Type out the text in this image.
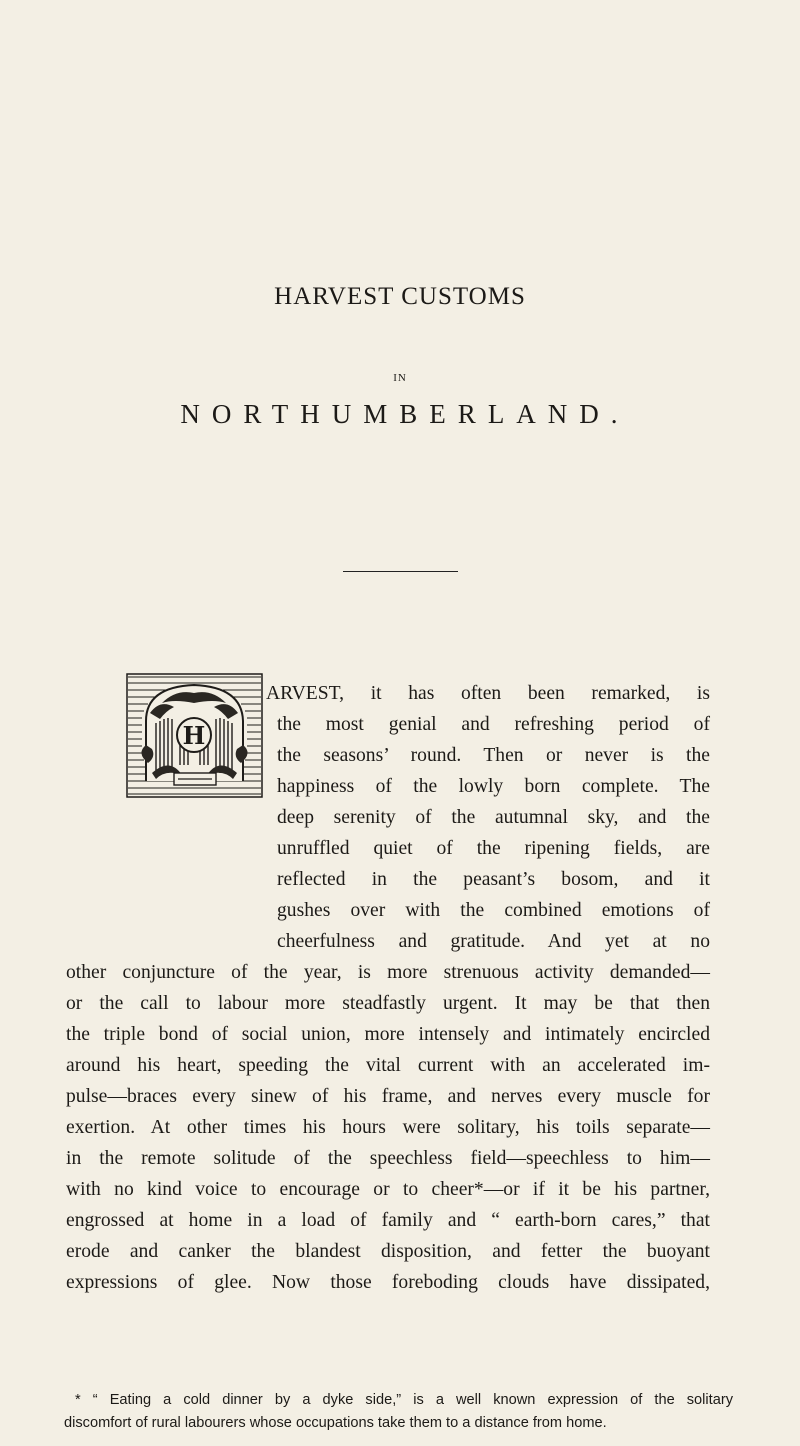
HARVEST CUSTOMS
IN
NORTHUMBERLAND.
H
ARVEST, it has often been remarked, is
the most genial and refreshing period of
the seasons’ round. Then or never is the
happiness of the lowly born complete. The
deep serenity of the autumnal sky, and the
unruffled quiet of the ripening fields, are
reflected in the peasant’s bosom, and it
gushes over with the combined emotions of
cheerfulness and gratitude. And yet at no
other conjuncture of the year, is more strenuous activity demanded—
or the call to labour more steadfastly urgent. It may be that then
the triple bond of social union, more intensely and intimately encircled
around his heart, speeding the vital current with an accelerated im-
pulse—braces every sinew of his frame, and nerves every muscle for
exertion. At other times his hours were solitary, his toils separate—
in the remote solitude of the speechless field—speechless to him—
with no kind voice to encourage or to cheer*—or if it be his partner,
engrossed at home in a load of family and “ earth-born cares,” that
erode and canker the blandest disposition, and fetter the buoyant
expressions of glee. Now those foreboding clouds have dissipated,
* “ Eating a cold dinner by a dyke side,” is a well known expression of the solitary
discomfort of rural labourers whose occupations take them to a distance from home.
